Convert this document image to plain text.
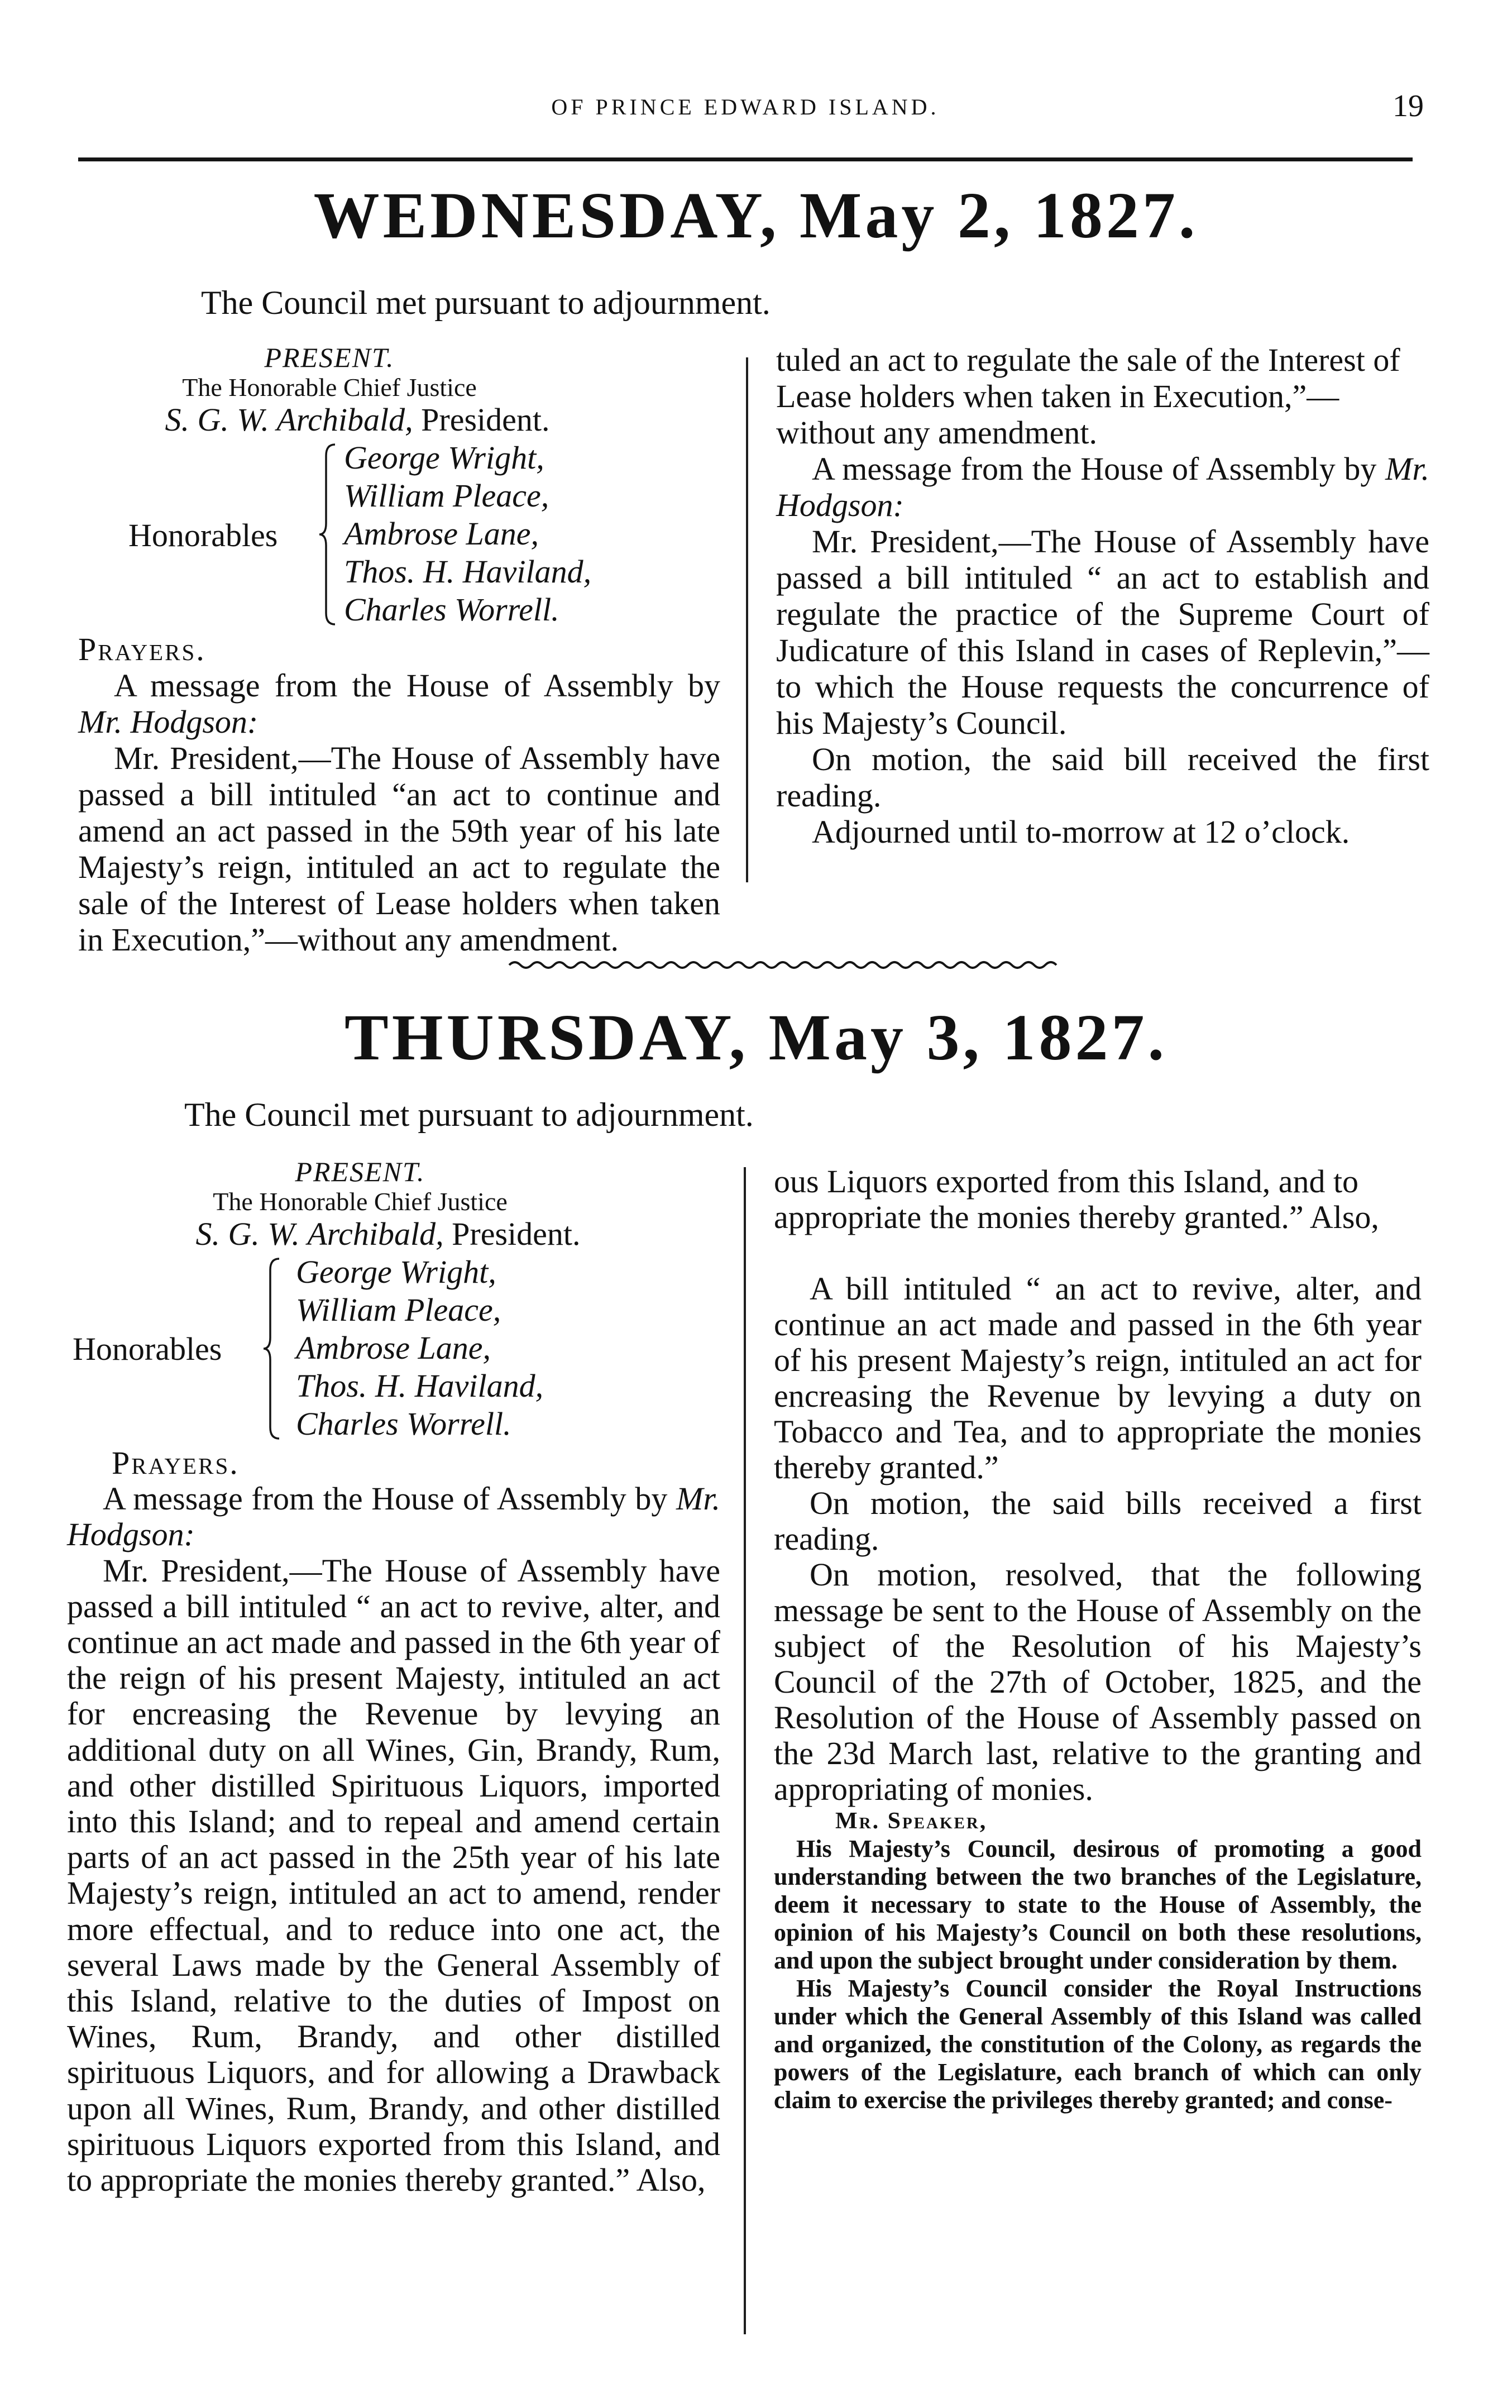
OF PRINCE EDWARD ISLAND.	19
WEDNESDAY, May 2, 1827.
The Council met pursuant to adjournment.
PRESENT.
The Honorable Chief Justice
S. G. W. Archibald, President.
Honorables
George Wright,
William Pleace,
Ambrose Lane,
Thos. H. Haviland,
Charles Worrell.

Prayers.

A message from the House of Assembly by Mr. Hodgson:

Mr. President,—The House of Assembly have passed a bill intituled “an act to continue and amend an act passed in the 59th year of his late Majesty’s reign, intituled an act to regulate the sale of the Interest of Lease holders when taken in Execution,”—without any amendment.

tuled an act to regulate the sale of the Interest of Lease holders when taken in Execution,”—without any amendment.

A message from the House of Assembly by Mr. Hodgson:

Mr. President,—The House of Assembly have passed a bill intituled “ an act to establish and regulate the practice of the Supreme Court of Judicature of this Island in cases of Replevin,”—to which the House requests the concurrence of his Majesty’s Council.

On motion, the said bill received the first reading.

Adjourned until to-morrow at 12 o’clock.

THURSDAY, May 3, 1827.
The Council met pursuant to adjournment.
PRESENT.
The Honorable Chief Justice
S. G. W. Archibald, President.
Honorables
George Wright,
William Pleace,
Ambrose Lane,
Thos. H. Haviland,
Charles Worrell.

Prayers.

A message from the House of Assembly by Mr. Hodgson:

Mr. President,—The House of Assembly have passed a bill intituled “ an act to revive, alter, and continue an act made and passed in the 6th year of the reign of his present Majesty, intituled an act for encreasing the Revenue by levying an additional duty on all Wines, Gin, Brandy, Rum, and other distilled Spirituous Liquors, imported into this Island; and to repeal and amend certain parts of an act passed in the 25th year of his late Majesty’s reign, intituled an act to amend, render more effectual, and to reduce into one act, the several Laws made by the General Assembly of this Island, relative to the duties of Impost on Wines, Rum, Brandy, and other distilled spirituous Liquors, and for allowing a Drawback upon all Wines, Rum, Brandy, and other distilled spirituous Liquors exported from this Island, and to appropriate the monies thereby granted.” Also,

ous Liquors exported from this Island, and to appropriate the monies thereby granted.” Also,

A bill intituled “ an act to revive, alter, and continue an act made and passed in the 6th year of his present Majesty’s reign, intituled an act for encreasing the Revenue by levying a duty on Tobacco and Tea, and to appropriate the monies thereby granted.”

On motion, the said bills received a first reading.

On motion, resolved, that the following message be sent to the House of Assembly on the subject of the Resolution of his Majesty’s Council of the 27th of October, 1825, and the Resolution of the House of Assembly passed on the 23d March last, relative to the granting and appropriating of monies.

Mr. Speaker,

His Majesty’s Council, desirous of promoting a good understanding between the two branches of the Legislature, deem it necessary to state to the House of Assembly, the opinion of his Majesty’s Council on both these resolutions, and upon the subject brought under consideration by them.

His Majesty’s Council consider the Royal Instructions under which the General Assembly of this Island was called and organized, the constitution of the Colony, as regards the powers of the Legislature, each branch of which can only claim to exercise the privileges thereby granted; and conse-
